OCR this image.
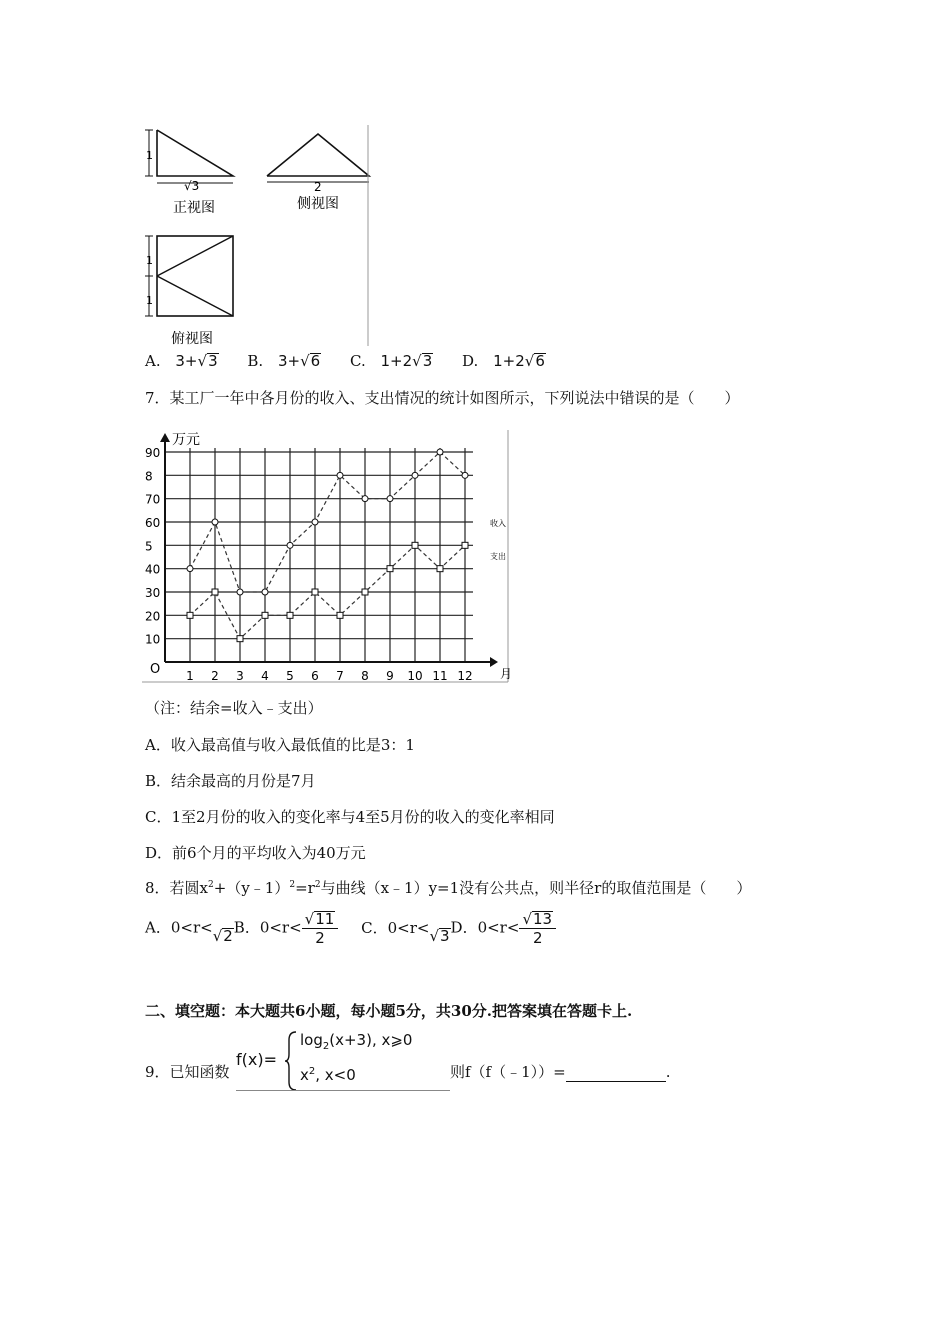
1
√3
正视图
2
侧视图
1
1
俯视图
A. 3+√3 B. 3+√6 C. 1+2√3 D. 1+2√6
7．某工厂一年中各月份的收入、支出情况的统计如图所示，下列说法中错误的是（　　）
万元
月
O
10
20
30
40
5
60
70
8
90
1 2 3 4 5 6 7 8 9 10 11 12
收入
支出
（注：结余=收入﹣支出）
A．收入最高值与收入最低值的比是3：1
B．结余最高的月份是7月
C．1至2月份的收入的变化率与4至5月份的收入的变化率相同
D．前6个月的平均收入为40万元
8．若圆$x^2+(y﹣1)^2=r^2$与曲线（x﹣1）y=1没有公共点，则半径r的取值范围是（　　）
A．0<r<√2B．$0<r< \frac{√11}{2}$ C．0<r<√3D．$0<r< \frac{√13}{2}$
二、填空题：本大题共6小题，每小题5分，共30分.把答案填在答题卡上.
9．已知函数
f(x)=
$\log_2(x+3)$, x⩾0
$x^2$, x<0	则f（f（﹣1））=	.
